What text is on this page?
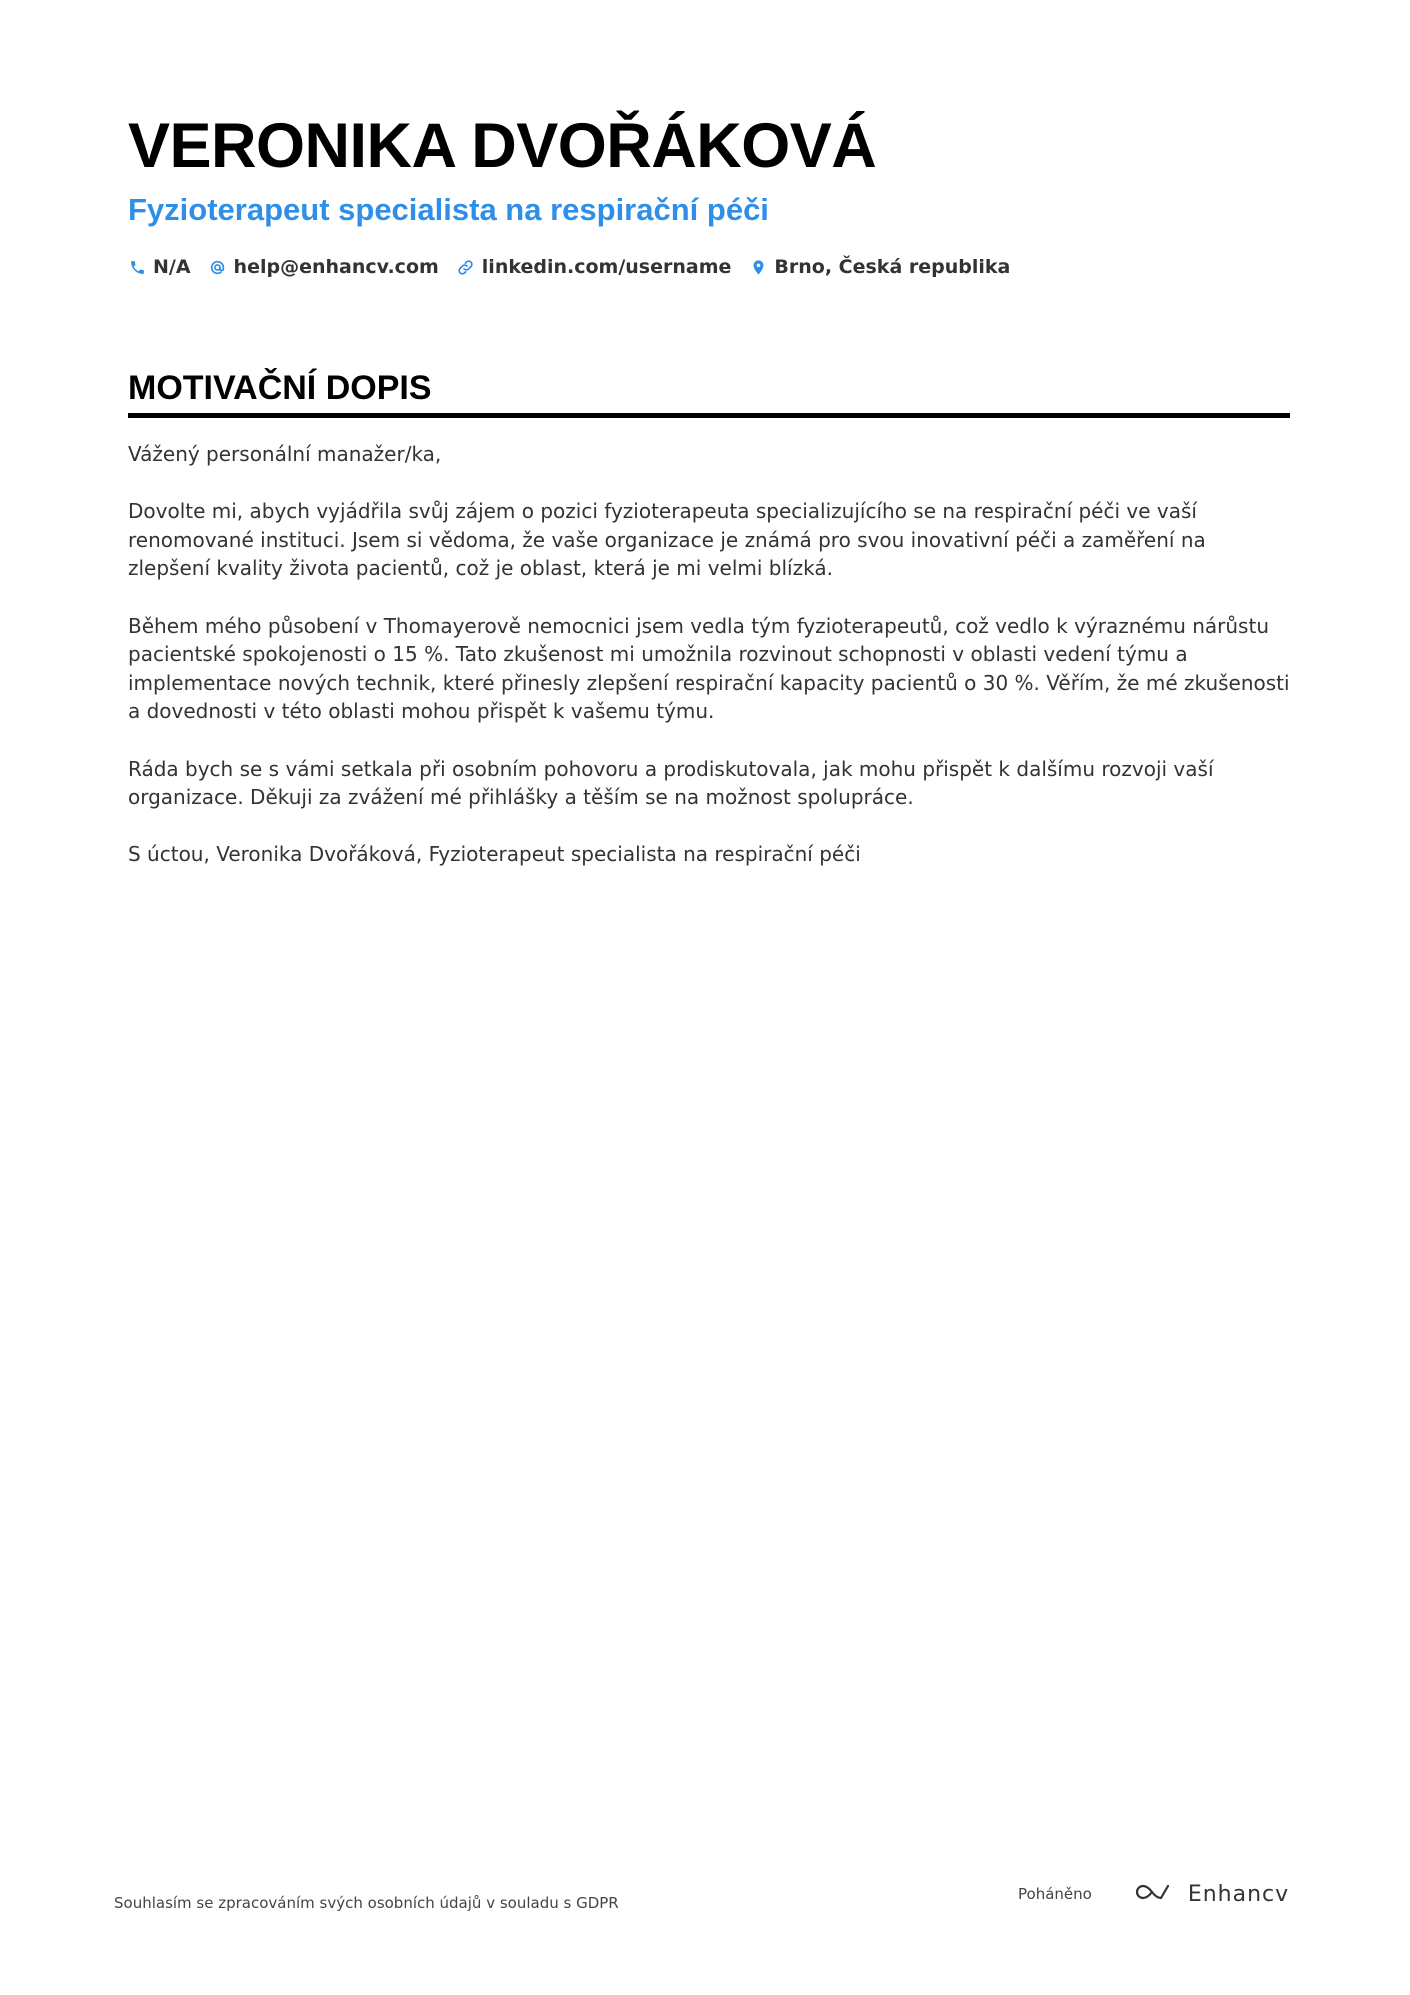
VERONIKA DVOŘÁKOVÁ
Fyzioterapeut specialista na respirační péči
N/A help@enhancv.com linkedin.com/username Brno, Česká republika
MOTIVAČNÍ DOPIS

Vážený personální manažer/ka,

Dovolte mi, abych vyjádřila svůj zájem o pozici fyzioterapeuta specializujícího se na respirační péči ve vaší renomované instituci. Jsem si vědoma, že vaše organizace je známá pro svou inovativní péči a zaměření na zlepšení kvality života pacientů, což je oblast, která je mi velmi blízká.

Během mého působení v Thomayerově nemocnici jsem vedla tým fyzioterapeutů, což vedlo k výraznému nárůstu pacientské spokojenosti o 15 %. Tato zkušenost mi umožnila rozvinout schopnosti v oblasti vedení týmu a implementace nových technik, které přinesly zlepšení respirační kapacity pacientů o 30 %. Věřím, že mé zkušenosti a dovednosti v této oblasti mohou přispět k vašemu týmu.

Ráda bych se s vámi setkala při osobním pohovoru a prodiskutovala, jak mohu přispět k dalšímu rozvoji vaší organizace. Děkuji za zvážení mé přihlášky a těším se na možnost spolupráce.

S úctou, Veronika Dvořáková, Fyzioterapeut specialista na respirační péči

Souhlasím se zpracováním svých osobních údajů v souladu s GDPR	Poháněno	Enhancv
